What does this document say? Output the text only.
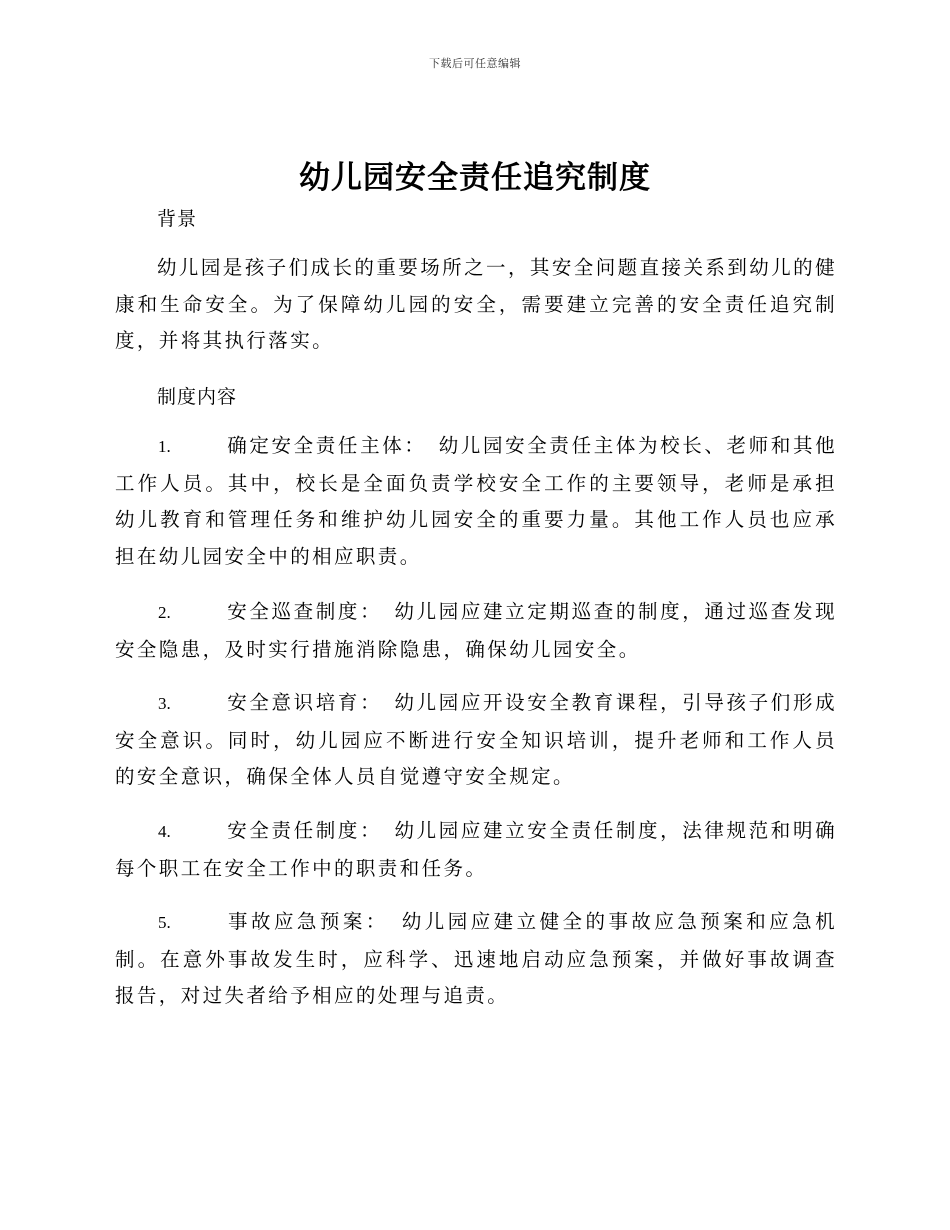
下载后可任意编辑
幼儿园安全责任追究制度
背景
幼儿园是孩子们成长的重要场所之一，其安全问题直接关系到幼儿的健康和生命安全。为了保障幼儿园的安全，需要建立完善的安全责任追究制度，并将其执行落实。
制度内容
1.	确定安全责任主体： 幼儿园安全责任主体为校长、老师和其他工作人员。其中，校长是全面负责学校安全工作的主要领导，老师是承担幼儿教育和管理任务和维护幼儿园安全的重要力量。其他工作人员也应承担在幼儿园安全中的相应职责。
2.	安全巡查制度： 幼儿园应建立定期巡查的制度，通过巡查发现安全隐患，及时实行措施消除隐患，确保幼儿园安全。
3.	安全意识培育： 幼儿园应开设安全教育课程，引导孩子们形成安全意识。同时，幼儿园应不断进行安全知识培训，提升老师和工作人员的安全意识，确保全体人员自觉遵守安全规定。
4.	安全责任制度： 幼儿园应建立安全责任制度，法律规范和明确每个职工在安全工作中的职责和任务。
5.	事故应急预案： 幼儿园应建立健全的事故应急预案和应急机制。在意外事故发生时，应科学、迅速地启动应急预案，并做好事故调查报告，对过失者给予相应的处理与追责。
